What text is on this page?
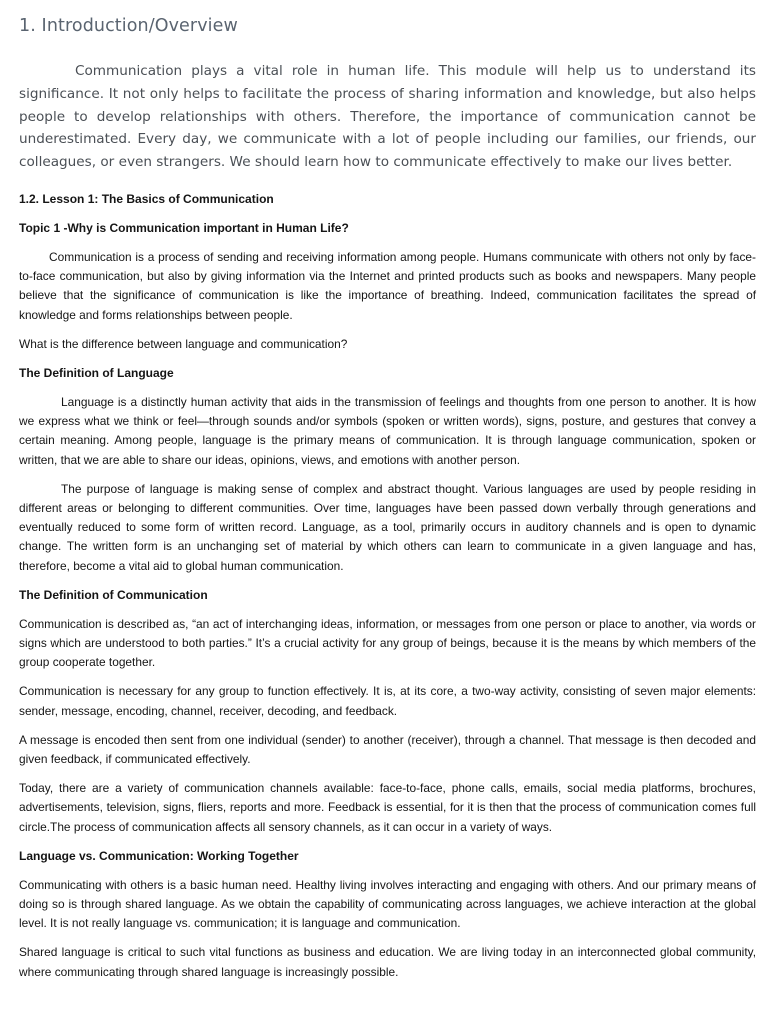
1. Introduction/Overview

Communication plays a vital role in human life. This module will help us to understand its significance. It not only helps to facilitate the process of sharing information and knowledge, but also helps people to develop relationships with others. Therefore, the importance of communication cannot be underestimated. Every day, we communicate with a lot of people including our families, our friends, our colleagues, or even strangers. We should learn how to communicate effectively to make our lives better.

1.2. Lesson 1: The Basics of Communication

Topic 1 -Why is Communication important in Human Life?

Communication is a process of sending and receiving information among people. Humans communicate with others not only by face-to-face communication, but also by giving information via the Internet and printed products such as books and newspapers. Many people believe that the significance of communication is like the importance of breathing. Indeed, communication facilitates the spread of knowledge and forms relationships between people.

What is the difference between language and communication?

The Definition of Language

Language is a distinctly human activity that aids in the transmission of feelings and thoughts from one person to another. It is how we express what we think or feel—through sounds and/or symbols (spoken or written words), signs, posture, and gestures that convey a certain meaning. Among people, language is the primary means of communication. It is through language communication, spoken or written, that we are able to share our ideas, opinions, views, and emotions with another person.

The purpose of language is making sense of complex and abstract thought. Various languages are used by people residing in different areas or belonging to different communities. Over time, languages have been passed down verbally through generations and eventually reduced to some form of written record. Language, as a tool, primarily occurs in auditory channels and is open to dynamic change. The written form is an unchanging set of material by which others can learn to communicate in a given language and has, therefore, become a vital aid to global human communication.

The Definition of Communication

Communication is described as, “an act of interchanging ideas, information, or messages from one person or place to another, via words or signs which are understood to both parties.” It’s a crucial activity for any group of beings, because it is the means by which members of the group cooperate together.

Communication is necessary for any group to function effectively. It is, at its core, a two-way activity, consisting of seven major elements: sender, message, encoding, channel, receiver, decoding, and feedback.

A message is encoded then sent from one individual (sender) to another (receiver), through a channel. That message is then decoded and given feedback, if communicated effectively.

Today, there are a variety of communication channels available: face-to-face, phone calls, emails, social media platforms, brochures, advertisements, television, signs, fliers, reports and more. Feedback is essential, for it is then that the process of communication comes full circle.The process of communication affects all sensory channels, as it can occur in a variety of ways.

Language vs. Communication: Working Together

Communicating with others is a basic human need. Healthy living involves interacting and engaging with others. And our primary means of doing so is through shared language. As we obtain the capability of communicating across languages, we achieve interaction at the global level. It is not really language vs. communication; it is language and communication.

Shared language is critical to such vital functions as business and education. We are living today in an interconnected global community, where communicating through shared language is increasingly possible.
